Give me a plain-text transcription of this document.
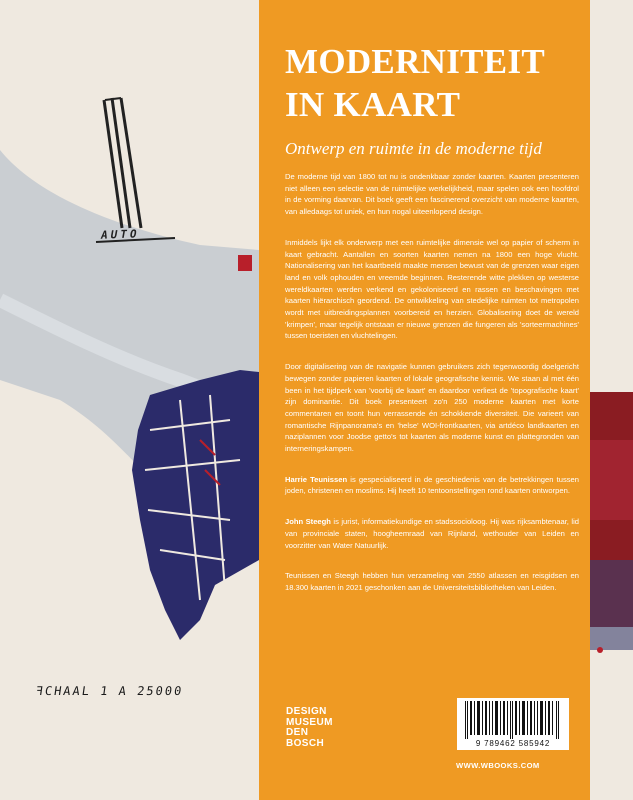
AUTO
ꟻCHAAL 1 A 25000
MODERNITEIT
IN KAART

Ontwerp en ruimte in de moderne tijd

De moderne tijd van 1800 tot nu is ondenkbaar zonder kaarten. Kaarten presenteren niet alleen een selectie van de ruimtelijke werkelijkheid, maar spelen ook een hoofdrol in de vorming daarvan. Dit boek geeft een fascinerend overzicht van moderne kaarten, van alledaags tot uniek, en hun nogal uiteenlopend design.

Inmiddels lijkt elk onderwerp met een ruimtelijke dimensie wel op papier of scherm in kaart gebracht. Aantallen en soorten kaarten nemen na 1800 een hoge vlucht. Nationalisering van het kaartbeeld maakte mensen bewust van de grenzen waar eigen land en volk ophouden en vreemde beginnen. Resterende witte plekken op westerse wereldkaarten werden verkend en gekoloniseerd en rassen en beschavingen met kaarten hiërarchisch geordend. De ontwikkeling van stedelijke ruimten tot metropolen wordt met uitbreidingsplannen voorbereid en herzien. Globalisering doet de wereld 'krimpen', maar tegelijk ontstaan er nieuwe grenzen die fungeren als 'sorteermachines' tussen toeristen en vluchtelingen.

Door digitalisering van de navigatie kunnen gebruikers zich tegenwoordig doelgericht bewegen zonder papieren kaarten of lokale geografische kennis. We staan al met één been in het tijdperk van 'voorbij de kaart' en daardoor verliest de 'topografische kaart' zijn dominantie. Dit boek presenteert zo'n 250 moderne kaarten met korte commentaren en toont hun verrassende én schokkende diversiteit. Die varieert van romantische Rijnpanorama's en 'helse' WOI-frontkaarten, via artdéco landkaarten en naziplannen voor Joodse getto's tot kaarten als moderne kunst en plattegronden van interneringskampen.

Harrie Teunissen is gespecialiseerd in de geschiedenis van de betrekkingen tussen joden, christenen en moslims. Hij heeft 10 tentoonstellingen rond kaarten ontworpen.

John Steegh is jurist, informatiekundige en stadssocioloog. Hij was rijksambtenaar, lid van provinciale staten, hoogheemraad van Rijnland, wethouder van Leiden en voorzitter van Water Natuurlijk.

Teunissen en Steegh hebben hun verzameling van 2550 atlassen en reisgidsen en 18.300 kaarten in 2021 geschonken aan de Universiteitsbibliotheken van Leiden.

DESIGN
MUSEUM
DEN
BOSCH	9 789462 585942
WWW.WBOOKS.COM
